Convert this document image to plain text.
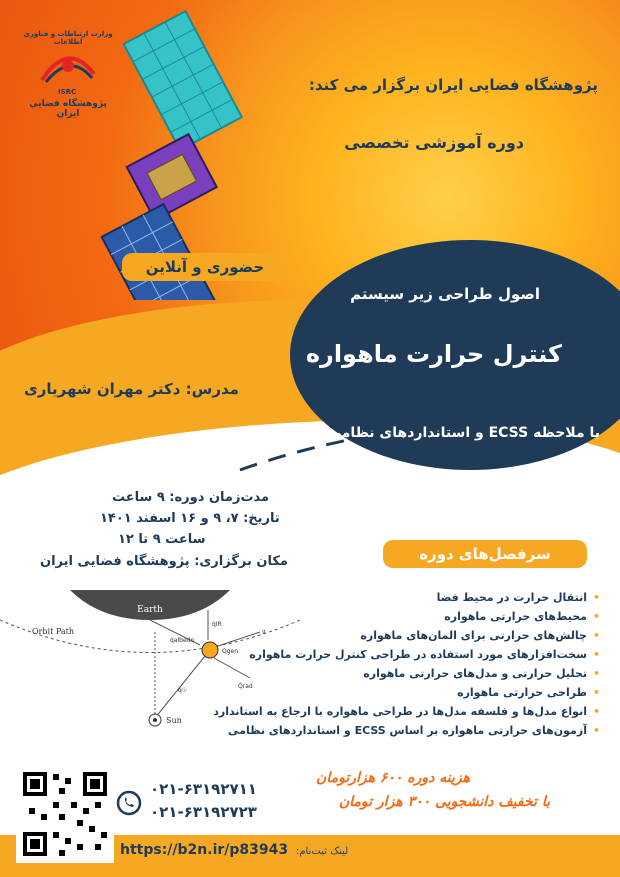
وزارت ارتباطات و فناوری اطلاعات
ISRC
پژوهشگاه فضایی ایران
پژوهشگاه فضایی ایران برگزار می کند:
دوره آموزشی تخصصی
حضوری و آنلاین
اصول طراحی زیر سیستم
کنترل حرارت ماهواره
با ملاحظه ECSS و استانداردهای نظامی
مدرس: دکتر مهران شهریاری
مدت‌زمان دوره: ۹ ساعت
تاریخ: ۷، ۹ و ۱۶ اسفند ۱۴۰۱
ساعت ۹ تا ۱۲
مکان برگزاری: پژوهشگاه فضایی ایران	سرفصل‌های دوره
•انتقال حرارت در محیط فضا
•محیط‌های حرارتی ماهواره
•چالش‌های حرارتی برای المان‌های ماهواره
•سخت‌افزارهای مورد استفاده در طراحی کنترل حرارت ماهواره
•تحلیل حرارتی و مدل‌های حرارتی ماهواره
•طراحی حرارتی ماهواره
•انواع مدل‌ها و فلسفه مدل‌ها در طراحی ماهواره با ارجاع به استاندارد
•آزمون‌های حرارتی ماهواره بر اساس ECSS و استانداردهای نظامی
Earth
Orbit Path
q̇IR
q̇albedo
Qgen
v⃗
Q̇rad
q̇☉
Sun
هزینه دوره ۶۰۰ هزارتومان
با تخفیف دانشجویی ۳۰۰ هزار تومان
۰۲۱-۶۳۱۹۲۷۱۱
۰۲۱-۶۳۱۹۲۷۲۳
https://b2n.ir/p83943 لینک ثبت‌نام:
